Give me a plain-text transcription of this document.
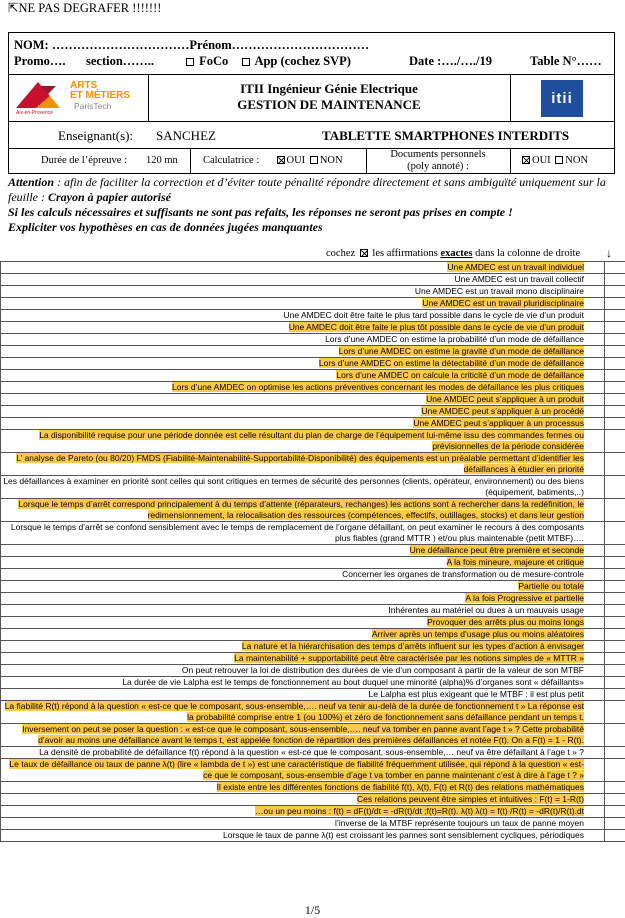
⇱NE PAS DEGRAFER !!!!!!!
NOM: ……………………………Prénom……………………………
Promo…. section……..	FoCo	App (cochez SVP)	Date :…./…./19	Table N°……
ARTS
ET MÉTIERS
ParisTech
Aix-en-Provence
ITII Ingénieur Génie Electrique
GESTION DE MAINTENANCE	itii
Enseignant(s): SANCHEZ	TABLETTE SMARTPHONES INTERDITS
Durée de l’épreuve : 120 mn Calculatrice :	OUI NON
Documents personnels
(poly annoté) :
OUI NON
Attention : afin de faciliter la correction et d’éviter toute pénalité répondre directement et sans ambiguïté uniquement sur la feuille : Crayon à papier autorisé
Si les calculs nécessaires et suffisants ne sont pas refaits, les réponses ne seront pas prises en compte !
Expliciter vos hypothèses en cas de données jugées manquantes
cochez les affirmations exactes dans la colonne de droite ↓
Une AMDEC est un travail individuel	
Une AMDEC est un travail collectif	
Une AMDEC est un travail mono disciplinaire	
Une AMDEC est un travail pluridisciplinaire	
Une AMDEC doit être faite le plus tard possible dans le cycle de vie d’un produit	
Une AMDEC doit être faite le plus tôt possible dans le cycle de vie d’un produit	
Lors d’une AMDEC on estime la probabilité d’un mode de défaillance	
Lors d’une AMDEC on estime la gravité d’un mode de défaillance	
Lors d’une AMDEC on estime la détectabilité d’un mode de défaillance	
Lors d’une AMDEC on calcule la criticité d’un mode de défaillance	
Lors d’une AMDEC on optimise les actions préventives concernant les modes de défaillance les plus critiques	
Une AMDEC peut s’appliquer à un produit	
Une AMDEC peut s’appliquer à un procédé	
Une AMDEC peut s’appliquer à un processus	
La disponibilité requise pour une période donnée est celle résultant du plan de charge de l’équipement lui-même issu des commandes fermes ou prévisionnelles de la période considérée	
L’ analyse de Pareto (ou 80/20) FMDS (Fiabilité-Maintenabilité-Supportabilité-Disponibilité) des équipements est un préalable permettant d’identifier les défaillances à étudier en priorité	
Les défaillances à examiner en priorité sont celles qui sont critiques en termes de sécurité des personnes (clients, opérateur, environnement) ou des biens (équipement, batiments,..)	
Lorsque le temps d’arrêt correspond principalement à du temps d’attente (réparateurs, rechanges) les actions sont à rechercher dans la redéfinition, le redimensionnement, la relocalisation des ressources (compétences, effectifs, outillages, stocks) et dans leur gestion	
Lorsque le temps d’arrêt se confond sensiblement avec le temps de remplacement de l’organe défaillant, on peut examiner le recours à des composants plus fiables (grand MTTR ) et/ou plus maintenable (petit MTBF)….	
Une défaillance peut être première et seconde	
A la fois mineure, majeure et critique	
Concerner les organes de transformation ou de mesure-controle	
Partielle ou totale	
A la fois Progressive et partielle	
Inhérentes au matériel ou dues à un mauvais usage	
Provoquer des arrêts plus ou moins longs	
Arriver après un temps d’usage plus ou moins aléatoires	
La nature et la hiérarchisation des temps d’arrêts influent sur les types d’action à envisager	
La maintenabilité + supportabilité peut être caractérisée par les notions simples de « MTTR »	
On peut retrouver la loi de distribution des durées de vie d’un composant à partir de la valeur de son MTBF	
La durée de vie Lalpha est le temps de fonctionnement au bout duquel une minorité (alpha)% d’organes sont « défaillants»	
Le Lalpha est plus exigeant que le MTBF : il est plus petit	
La fiabilité R(t) répond à la question « est-ce que le composant, sous-ensemble,…. neuf va tenir au-delà de la durée de fonctionnement t » La réponse est la probabilité comprise entre 1 (ou 100%) et zéro de fonctionnement sans défaillance pendant un temps t.	
Inversement on peut se poser la question : « est-ce que le composant, sous-ensemble,…. neuf va tomber en panne avant l’age t » ? Cette probabilité d’avoir au moins une défaillance avant le temps t, est appelée fonction de répartition des premières défaillances et notée F(t). On a F(t) = 1 - R(t).	
La densité de probabilité de défaillance f(t) répond à la question « est-ce que le composant, sous-ensemble,… neuf va être défaillant à l’age t » ?	
Le taux de défaillance ou taux de panne λ(t) (lire « lambda de t ») est une caractéristique de fiabilité fréquemment utilisée, qui répond à la question « est-ce que le composant, sous-ensemble d’age t va tomber en panne maintenant c’est à dire à l’age t ? »	
Il existe entre les différentes fonctions de fiabilité f(t), λ(t), F(t) et R(t) des relations mathématiques	
Ces relations peuvent être simples et intuitives : F(t) = 1-R(t)	
…ou un peu moins : f(t) = dF(t)/dt = -dR(t)/dt ;f(t)=R(t). λ(t) λ(t) = f(t) /R(t) = -dR(t)/R(t).dt	
l’inverse de la MTBF représente toujours un taux de panne moyen	
Lorsque le taux de panne λ(t) est croissant les pannes sont sensiblement cycliques, périodiques	
1/5
